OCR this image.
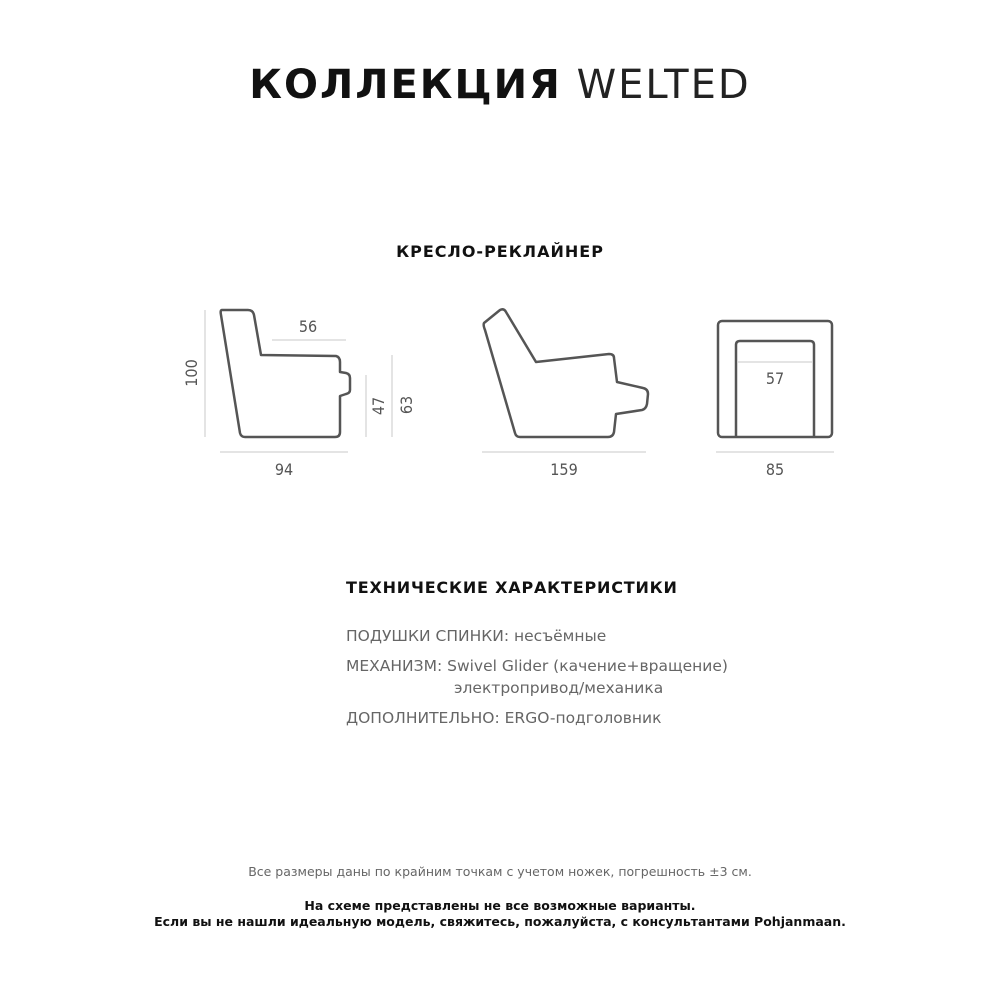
КОЛЛЕКЦИЯ WELTED
КРЕСЛО-РЕКЛАЙНЕР
100
56
47 63
94	159
57
85
ТЕХНИЧЕСКИЕ ХАРАКТЕРИСТИКИ
ПОДУШКИ СПИНКИ: несъёмные
МЕХАНИЗМ: Swivel Glider (качение+вращение)
электропривод/механика
ДОПОЛНИТЕЛЬНО: ERGO-подголовник
Все размеры даны по крайним точкам с учетом ножек, погрешность ±3 см.
На схеме представлены не все возможные варианты.
Если вы не нашли идеальную модель, свяжитесь, пожалуйста, с консультантами Pohjanmaan.
